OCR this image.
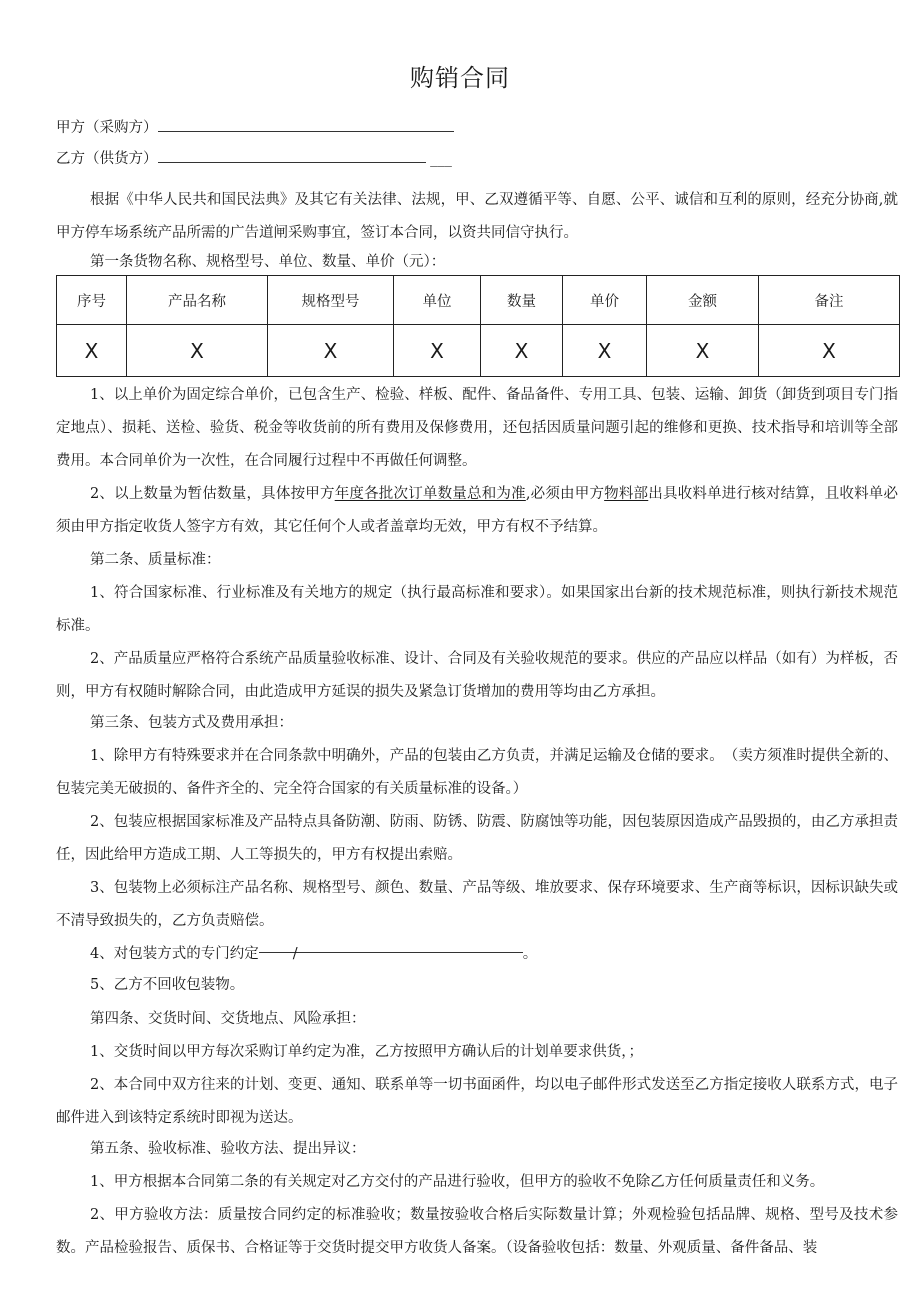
购销合同
甲方（采购方）
乙方（供货方）	___

根据《中华人民共和国民法典》及其它有关法律、法规，甲、乙双遵循平等、自愿、公平、诚信和互利的原则，经充分协商,就甲方停车场系统产品所需的广告道闸采购事宜，签订本合同，以资共同信守执行。

第一条货物名称、规格型号、单位、数量、单价（元）：

序号	产品名称	规格型号	单位	数量	单价	金额	备注
X	X	X	X	X	X	X	X

1、以上单价为固定综合单价，已包含生产、检验、样板、配件、备品备件、专用工具、包装、运输、卸货（卸货到项目专门指定地点）、损耗、送检、验货、税金等收货前的所有费用及保修费用，还包括因质量问题引起的维修和更换、技术指导和培训等全部费用。本合同单价为一次性，在合同履行过程中不再做任何调整。

2、以上数量为暂估数量，具体按甲方年度各批次订单数量总和为准,必须由甲方物料部出具收料单进行核对结算，且收料单必须由甲方指定收货人签字方有效，其它任何个人或者盖章均无效，甲方有权不予结算。

第二条、质量标准：

1、符合国家标准、行业标准及有关地方的规定（执行最高标准和要求）。如果国家出台新的技术规范标准，则执行新技术规范标准。

2、产品质量应严格符合系统产品质量验收标准、设计、合同及有关验收规范的要求。供应的产品应以样品（如有）为样板，否则，甲方有权随时解除合同，由此造成甲方延误的损失及紧急订货增加的费用等均由乙方承担。

第三条、包装方式及费用承担：

1、除甲方有特殊要求并在合同条款中明确外，产品的包装由乙方负责，并满足运输及仓储的要求。　（卖方须准时提供全新的、包装完美无破损的、备件齐全的、完全符合国家的有关质量标准的设备。）

2、包装应根据国家标准及产品特点具备防潮、防雨、防锈、防震、防腐蚀等功能，因包装原因造成产品毁损的，由乙方承担责任，因此给甲方造成工期、人工等损失的，甲方有权提出索赔。

3、包装物上必须标注产品名称、规格型号、颜色、数量、产品等级、堆放要求、保存环境要求、生产商等标识，因标识缺失或不清导致损失的，乙方负责赔偿。

4、对包装方式的专门约定 /	。

5、乙方不回收包装物。

第四条、交货时间、交货地点、风险承担：

1、交货时间以甲方每次采购订单约定为准，乙方按照甲方确认后的计划单要求供货，；

2、本合同中双方往来的计划、变更、通知、联系单等一切书面函件，均以电子邮件形式发送至乙方指定接收人联系方式，电子邮件进入到该特定系统时即视为送达。

第五条、验收标准、验收方法、提出异议：

1、甲方根据本合同第二条的有关规定对乙方交付的产品进行验收，但甲方的验收不免除乙方任何质量责任和义务。

2、甲方验收方法：质量按合同约定的标准验收；数量按验收合格后实际数量计算；外观检验包括品牌、规格、型号及技术参数。产品检验报告、质保书、合格证等于交货时提交甲方收货人备案。（设备验收包括：数量、外观质量、备件备品、装
